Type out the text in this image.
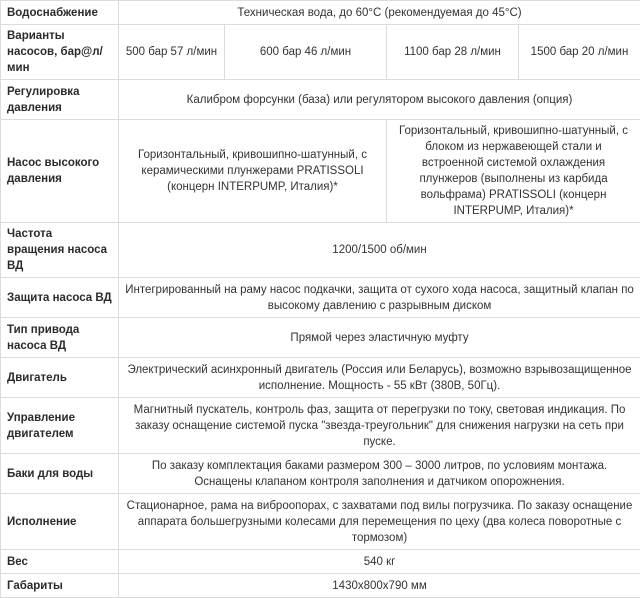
Водоснабжение	Техническая вода, до 60°С (рекомендуемая до 45°С)			
Варианты насосов, бар@л/мин	500 бар 57 л/мин	600 бар 46 л/мин	1100 бар 28 л/мин	1500 бар 20 л/мин
Регулировка давления	Калибром форсунки (база) или регулятором высокого давления (опция)			
Насос высокого давления	Горизонтальный, кривошипно-шатунный, с керамическими плунжерами PRATISSOLI (концерн INTERPUMP, Италия)*		Горизонтальный, кривошипно-шатунный, с блоком из нержавеющей стали и встроенной системой охлаждения плунжеров (выполнены из карбида вольфрама) PRATISSOLI (концерн INTERPUMP, Италия)*	
Частота вращения насоса ВД	1200/1500 об/мин			
Защита насоса ВД	Интегрированный на раму насос подкачки, защита от сухого хода насоса, защитный клапан по высокому давлению с разрывным диском			
Тип привода насоса ВД	Прямой через эластичную муфту			
Двигатель	Электрический асинхронный двигатель (Россия или Беларусь), возможно взрывозащищенное исполнение. Мощность - 55 кВт (380В, 50Гц).			
Управление двигателем	Магнитный пускатель, контроль фаз, защита от перегрузки по току, световая индикация. По заказу оснащение системой пуска "звезда-треугольник" для снижения нагрузки на сеть при пуске.			
Баки для воды	По заказу комплектация баками размером 300 – 3000 литров, по условиям монтажа. Оснащены клапаном контроля заполнения и датчиком опорожнения.			
Исполнение	Стационарное, рама на виброопорах, с захватами под вилы погрузчика. По заказу оснащение аппарата большегрузными колесами для перемещения по цеху (два колеса поворотные с тормозом)			
Вес	540 кг			
Габариты	1430х800х790 мм			
